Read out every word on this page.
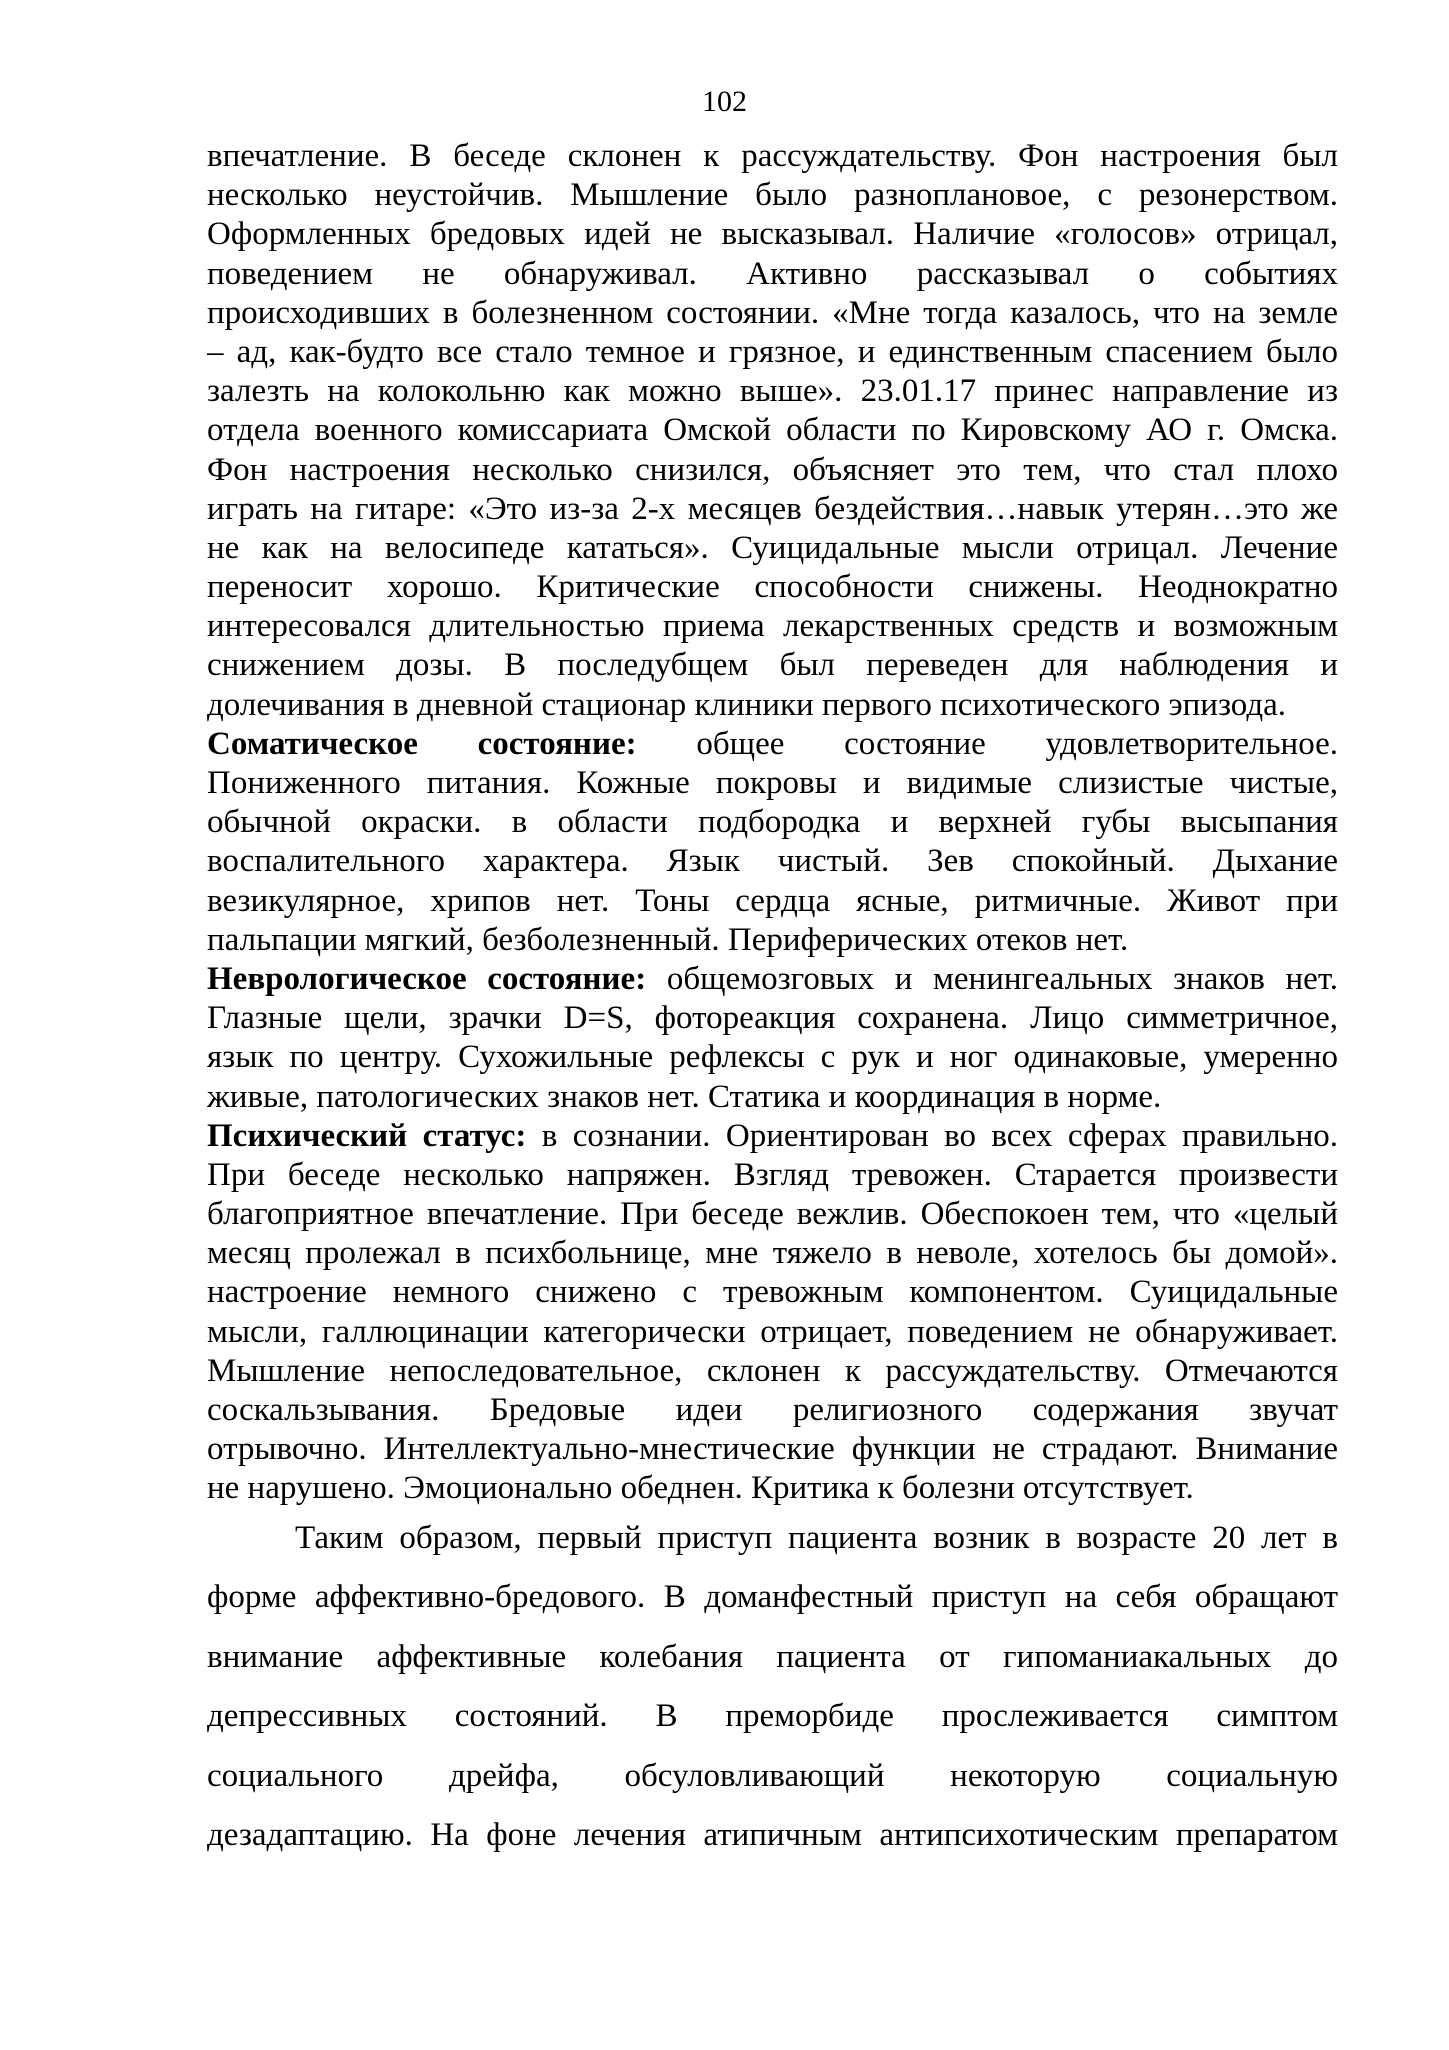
102
впечатление. В беседе склонен к рассуждательству. Фон настроения был
несколько неустойчив. Мышление было разноплановое, с резонерством.
Оформленных бредовых идей не высказывал. Наличие «голосов» отрицал,
поведением не обнаруживал. Активно рассказывал о событиях
происходивших в болезненном состоянии. «Мне тогда казалось, что на земле
– ад, как-будто все стало темное и грязное, и единственным спасением было
залезть на колокольню как можно выше». 23.01.17 принес направление из
отдела военного комиссариата Омской области по Кировскому АО г. Омска.
Фон настроения несколько снизился, объясняет это тем, что стал плохо
играть на гитаре: «Это из-за 2-х месяцев бездействия…навык утерян…это же
не как на велосипеде кататься». Суицидальные мысли отрицал. Лечение
переносит хорошо. Критические способности снижены. Неоднократно
интересовался длительностью приема лекарственных средств и возможным
снижением дозы. В последубщем был переведен для наблюдения и
долечивания в дневной стационар клиники первого психотического эпизода.
Соматическое состояние: общее состояние удовлетворительное.
Пониженного питания. Кожные покровы и видимые слизистые чистые,
обычной окраски. в области подбородка и верхней губы высыпания
воспалительного характера. Язык чистый. Зев спокойный. Дыхание
везикулярное, хрипов нет. Тоны сердца ясные, ритмичные. Живот при
пальпации мягкий, безболезненный. Периферических отеков нет.
Неврологическое состояние: общемозговых и менингеальных знаков нет.
Глазные щели, зрачки D=S, фотореакция сохранена. Лицо симметричное,
язык по центру. Сухожильные рефлексы с рук и ног одинаковые, умеренно
живые, патологических знаков нет. Статика и координация в норме.
Психический статус: в сознании. Ориентирован во всех сферах правильно.
При беседе несколько напряжен. Взгляд тревожен. Старается произвести
благоприятное впечатление. При беседе вежлив. Обеспокоен тем, что «целый
месяц пролежал в психбольнице, мне тяжело в неволе, хотелось бы домой».
настроение немного снижено с тревожным компонентом. Суицидальные
мысли, галлюцинации категорически отрицает, поведением не обнаруживает.
Мышление непоследовательное, склонен к рассуждательству. Отмечаются
соскальзывания. Бредовые идеи религиозного содержания звучат
отрывочно. Интеллектуально-мнестические функции не страдают. Внимание
не нарушено. Эмоционально обеднен. Критика к болезни отсутствует.
Таким образом, первый приступ пациента возник в возрасте 20 лет в
форме аффективно-бредового. В доманфестный приступ на себя обращают
внимание аффективные колебания пациента от гипоманиакальных до
депрессивных состояний. В преморбиде прослеживается симптом
социального дрейфа, обсуловливающий некоторую социальную
дезадаптацию. На фоне лечения атипичным антипсихотическим препаратом
